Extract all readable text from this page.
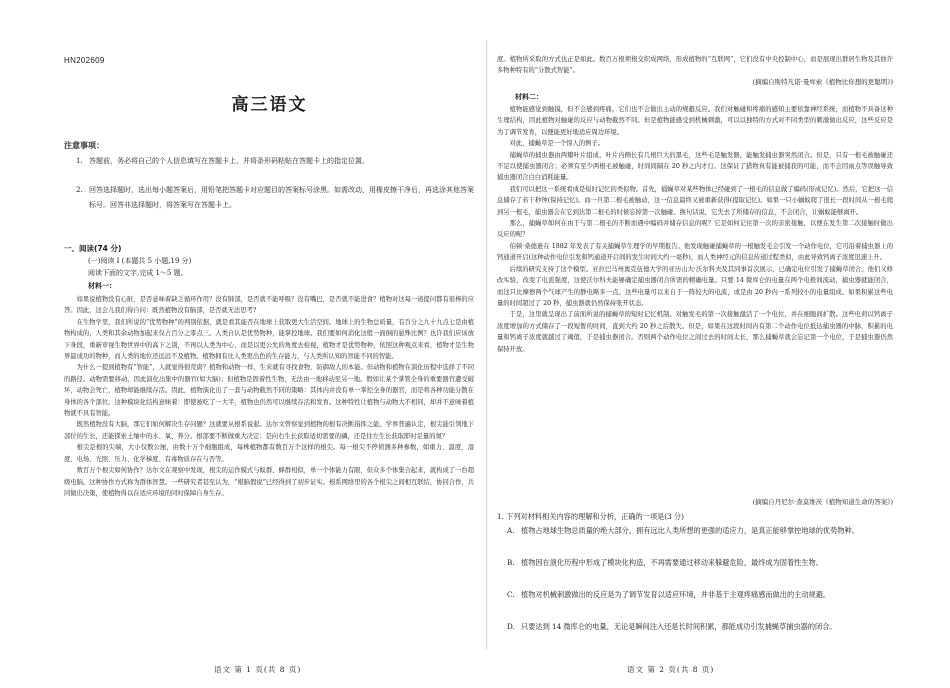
HN202609
高三语文
注意事项：
1. 答题前，务必将自己的个人信息填写在答题卡上，并将条形码粘贴在答题卡上的指定位置。
2. 回答选择题时，选出每小题答案后，用铅笔把答题卡对应题目的答案标号涂黑。如需改动，用橡皮擦干净后，再选涂其他答案标号。回答非选择题时，将答案写在答题卡上。
一、阅读(74 分)
(一)阅读 I (本题共 5 小题,19 分)
阅读下面的文字,完成 1～5 题。
材料一：

如果说植物没有心脏，是否意味着缺乏循环作用？没有肺部，是否就不能呼吸？没有嘴巴，是否就不能进食？植物对这每一道提问都有很棒的应答。因此，这会儿我们得自问：既然植物没有脑部，是否就无法思考?

在生物学里，我们所说的“优势物种”的判别依据，就是看其能否在地球上获取更大生活空间。地球上的生物总质量，有百分之九十九点七是由植物构成的，人类和其余动物加起来仅占百分之零点三。人类自认是优势物种，能掌控地球。我们要如何消化这般一面倒的悬殊比例？也许我们应该放下身段，重新审视生物世界中的高下之别，不再以人类为中心，而是以更公允的角度去检视，植物才是优势物种，依照这种观点来看，植物才是生物界最成功的物种，而人类的地位还远远不及植物。植物拥有比人类更出色的生存能力，与人类所认知的智能不同的智能。

为什么一提到植物有“智能”，人就觉得很荒唐？植物和动物一样，生来就有寻找食物、防御敌人的本能。但动物和植物在演化历程中选择了不同的路径。动物需要移动，因此演化出集中的器官(如大脑)；但植物是固着性生物，无法由一地移动至另一地。假如让某个掌管全身的重要器官遭受破坏，动物会死亡，植物却能继续存活。因此，植物演化出了一套与动物截然不同的策略：其体内并没有单一掌控全身的器官，而是将各种功能分散在身体的各个部位。这种模块化结构意味着：即使被吃了一大半，植物也仍然可以继续存活和发育。这种特性让植物与动物大不相同，却并不意味着植物就不具有智能。

既然植物没有大脑，那它们如何解决生存问题？这就要从根系说起。达尔文曾察觉到植物的根有决断指挥之能。学界普遍认定，根尖能引领地下部位的生长，还能探索土壤中的水、氧、养分。根部要不断做重大决定：是向右生长获取适切需要的磷，还是往左生长获取即时足量的氮？

根尖是根的尖端，大小仅数公厘，由数十万个细胞组成，每株植物都有数百万个这样的根尖。每一根尖不停侦测多种参数，如重力、温度、湿度、电场、光照、压力、化学梯度、有毒物质存在与否等。

数百万个根尖如何协作？达尔文在观察中发现，根尖的运作模式与蚁群、蜂群相似，单一个体能力有限，但众多个体集合起来，就构成了一台超级电脑。这种协作方式称为群体智慧。一些研究者甚至认为，“根脑假说”已经得到了初步证实。根系网络里的各个根尖之间相互联结，协同合作，共同做出决策，使植物得以在适应环境的同时保障自身生存。

语文 第 1 页(共 8 页)

度。植物所采取的方式也正是如此。数百万根须根交织成网络，形成植物的“互联网”，它们没有中央控制中心，而是展现出群居生物及其他许多物种特有的“分散式智能”。

(摘编自斯特凡诺·曼库索《植物比你想的更聪明》)
材料二：

植物能感觉到触摸，但不会感到疼痛。它们也不会做出主动的规避反应。我们对触碰和疼痛的感知主要依靠神经系统，而植物不具备这种生理结构，因此植物对触碰的反应与动物截然不同。但是植物能感受到机械刺激，可以以独特的方式对不同类型的刺激做出反应，这些反应是为了调节发育，以便能更好地适应周边环境。

对此，捕蝇草是一个惊人的例子。

捕蝇草的捕虫器由两瓣叶片组成，叶片内侧长有几根巨大的黑毛，这些毛是触发器，能触发捕虫器突然闭合。但是，只有一根毛被触碰还不足以使捕虫器闭合；必须有至少两根毛被触碰，时间间隔在 20 秒之内才行。这保证了猎物真有能被捕获的可能，而不会因雨点等误触导致捕虫器闭合白白消耗能量。

我们可以把这一系统看成是短时记忆的类似物。首先，捕蝇草对某些物体已经碰到了一根毛的信息做了编码(形成记忆)。然后，它把这一信息储存了若干秒钟(保持记忆)。而一旦第二根毛被触动，这一信息最终又被重新获得(提取记忆)。如果一只小蜗蚁爬了很长一段时间从一根毛爬到另一根毛，捕虫器会在它到达第二根毛的时候忘掉第一次触碰。换句话说，它失去了所储存的信息，不会闭合，让蜗蚁能够离开。

那么，捕蝇草如何在由于与第二根毛的不断而遇中编码并储存信息的呢？它是如何记住第一次的亲密接触，以便在发生第二次接触时做出反应的呢？

伯顿·桑德逊在 1882 年发表了有关捕蝇草生理学的早期报告。他发现触碰捕蝇草的一根触发毛会引发一个动作电位，它可沿着捕虫器上的钙通道开启(这种动作电位引发和钙通道开启间的发生时间大约一毫秒)，而人类神经元的信息传递过程类似，由此导致钙离子浓度迅速上升。

后续的研究支持了这个模型。亚拉巴马州奥克伍德大学的亚历山大·沃尔科夫及其同事首次展示，已确定电位引发了捕蝇草闭合。他们又修改实验，改变了电流强度，这使沃尔科夫能够确定捕虫器闭合所需的精确电量。只要 14 微库仑的电量在两个电极间流动，捕虫器就能闭合，而这只比摩擦两个气球产生的静电略多一点。这些电量可以来自于一阵较大的电流，或是由 20 秒内一系列较小的电量组成。如果积累这些电量的时间超过了 20 秒，捕虫器就仍然保持张开状态。

于是，这里就呈现出了前面所说的捕蝇草的短时记忆机制。对触发毛的第一次接触激活了一个电位，并在细胞间扩散。这些电荷以钙离子浓度增加的方式储存了一段短暂的时间，直到大约 20 秒之后散失。但是，如果在这段时间内有第二个动作电位抵达捕虫器的中脉，积累的电量和钙离子浓度就越过了阈值，于是捕虫器闭合。否则两个动作电位之间过去的时间太长，那么捕蝇草就会忘记第一个电位，于是捕虫器仍然保持开放。

(摘编自丹尼尔·查莫维茨《植物知道生命的答案》)
1. 下列对材料相关内容的理解和分析，正确的一项是(3 分)
A. 植物占地球生物总质量的绝大部分，拥有远比人类所想的更强的适应力，是真正能够掌控地球的优势物种。
B. 植物因在演化历程中形成了模块化构造，不再需要通过移动来躲避危险，最终成为固着性生物。
C. 植物对机械刺激做出的反应是为了调节发育以适应环境，并非基于主观疼痛感而做出的主动规避。
D. 只要达到 14 微库仑的电量，无论是瞬间注入还是长时间积累，都能成功引发捕蝇草捕虫器的闭合。
语文 第 2 页(共 8 页)
